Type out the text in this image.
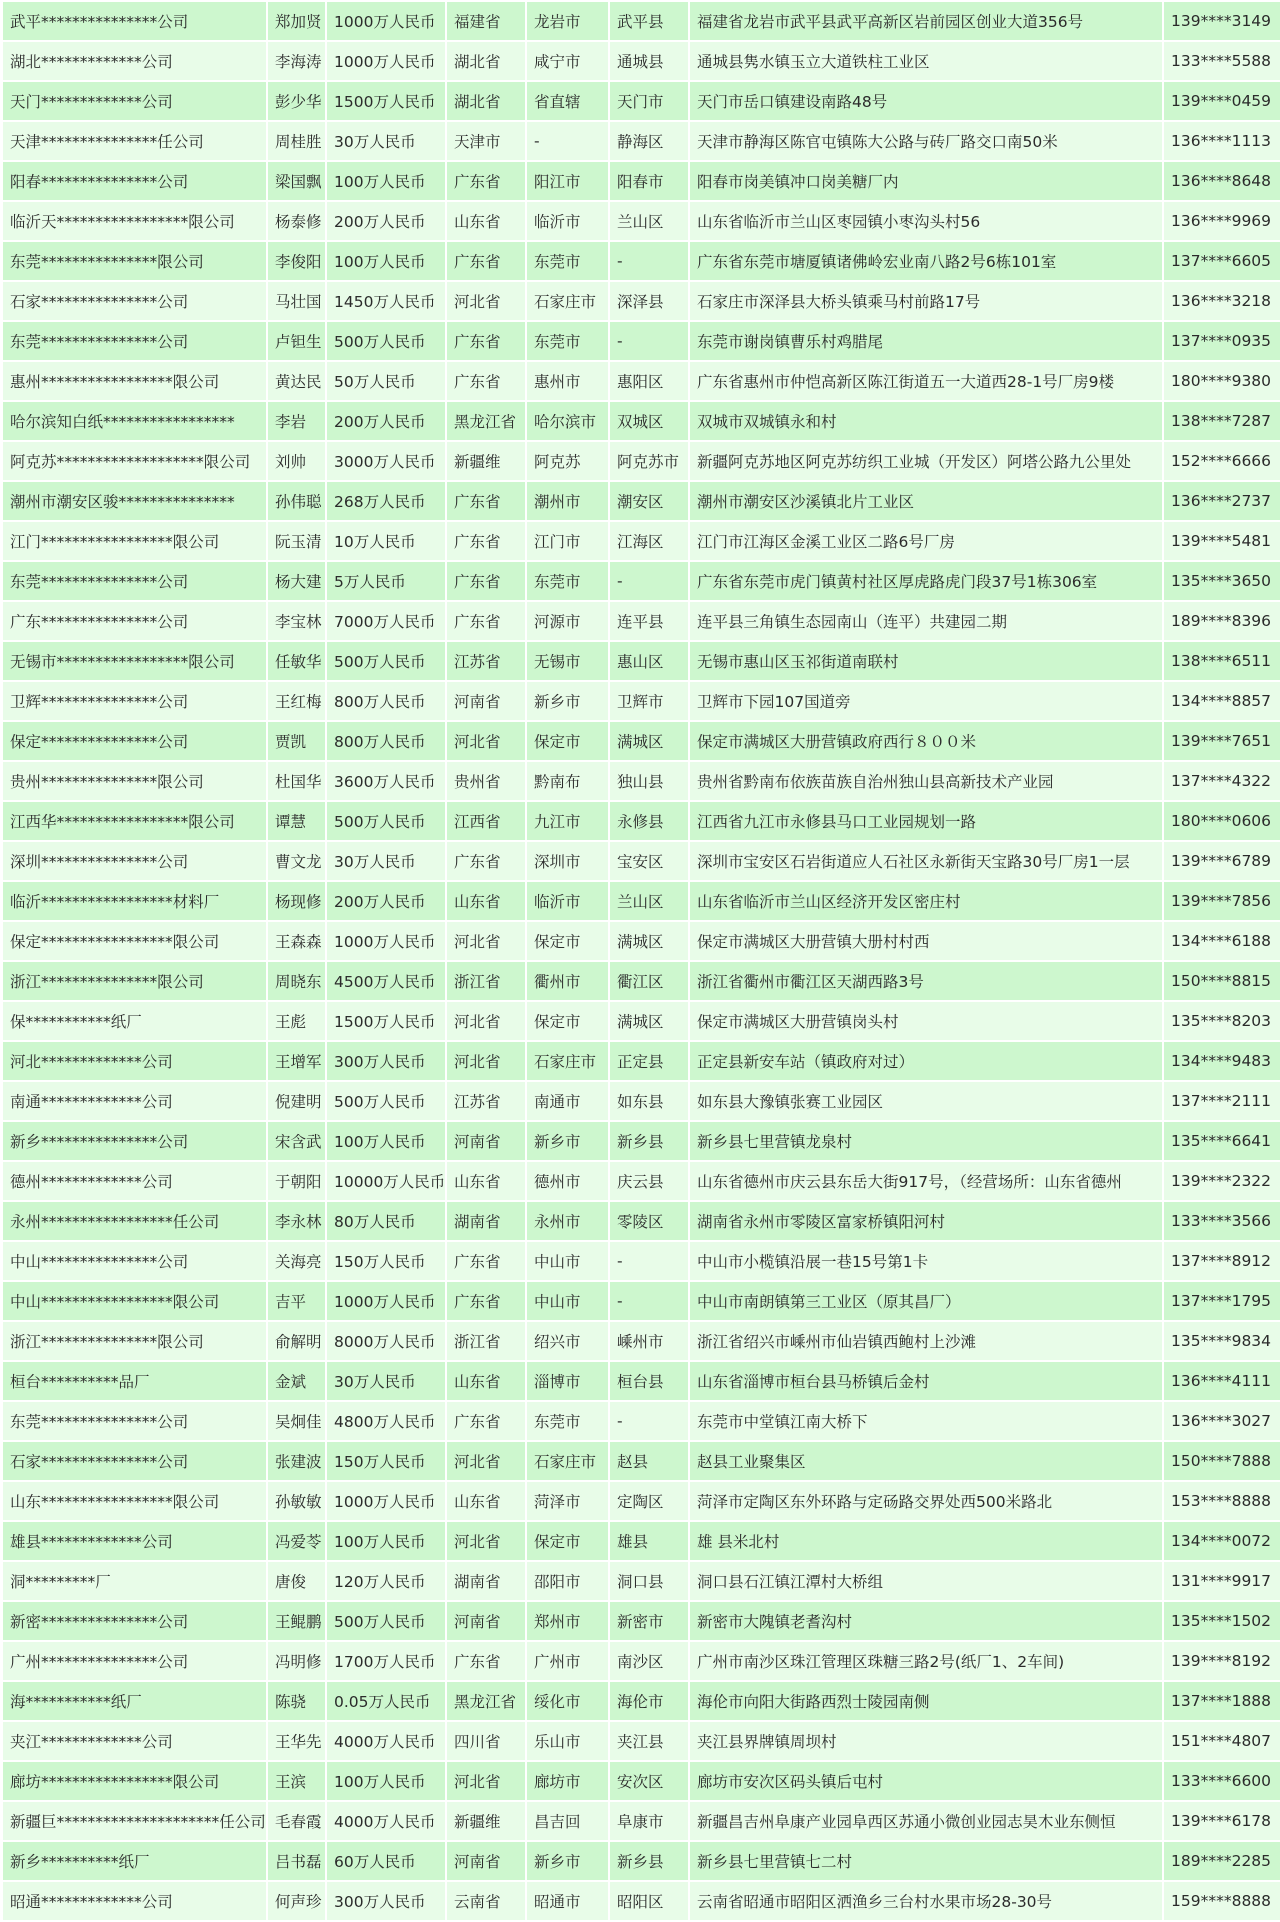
武平***************公司	郑加贤	1000万人民币	福建省	龙岩市	武平县	福建省龙岩市武平县武平高新区岩前园区创业大道356号	139****3149
湖北*************公司	李海涛	1000万人民币	湖北省	咸宁市	通城县	通城县隽水镇玉立大道铁柱工业区	133****5588
天门*************公司	彭少华	1500万人民币	湖北省	省直辖	天门市	天门市岳口镇建设南路48号	139****0459
天津***************任公司	周桂胜	30万人民币	天津市	-	静海区	天津市静海区陈官屯镇陈大公路与砖厂路交口南50米	136****1113
阳春***************公司	梁国飘	100万人民币	广东省	阳江市	阳春市	阳春市岗美镇冲口岗美糖厂内	136****8648
临沂天*****************限公司	杨泰修	200万人民币	山东省	临沂市	兰山区	山东省临沂市兰山区枣园镇小枣沟头村56	136****9969
东莞***************限公司	李俊阳	100万人民币	广东省	东莞市	-	广东省东莞市塘厦镇诸佛岭宏业南八路2号6栋101室	137****6605
石家***************公司	马壮国	1450万人民币	河北省	石家庄市	深泽县	石家庄市深泽县大桥头镇乘马村前路17号	136****3218
东莞***************公司	卢钽生	500万人民币	广东省	东莞市	-	东莞市谢岗镇曹乐村鸡腊尾	137****0935
惠州*****************限公司	黄达民	50万人民币	广东省	惠州市	惠阳区	广东省惠州市仲恺高新区陈江街道五一大道西28-1号厂房9楼	180****9380
哈尔滨知白纸*****************	李岩	200万人民币	黑龙江省	哈尔滨市	双城区	双城市双城镇永和村	138****7287
阿克苏*******************限公司	刘帅	3000万人民币	新疆维	阿克苏	阿克苏市	新疆阿克苏地区阿克苏纺织工业城（开发区）阿塔公路九公里处	152****6666
潮州市潮安区骏***************	孙伟聪	268万人民币	广东省	潮州市	潮安区	潮州市潮安区沙溪镇北片工业区	136****2737
江门*****************限公司	阮玉清	10万人民币	广东省	江门市	江海区	江门市江海区金溪工业区二路6号厂房	139****5481
东莞***************公司	杨大建	5万人民币	广东省	东莞市	-	广东省东莞市虎门镇黄村社区厚虎路虎门段37号1栋306室	135****3650
广东***************公司	李宝林	7000万人民币	广东省	河源市	连平县	连平县三角镇生态园南山（连平）共建园二期	189****8396
无锡市*****************限公司	任敏华	500万人民币	江苏省	无锡市	惠山区	无锡市惠山区玉祁街道南联村	138****6511
卫辉***************公司	王红梅	800万人民币	河南省	新乡市	卫辉市	卫辉市下园107国道旁	134****8857
保定***************公司	贾凯	800万人民币	河北省	保定市	满城区	保定市满城区大册营镇政府西行８００米	139****7651
贵州***************限公司	杜国华	3600万人民币	贵州省	黔南布	独山县	贵州省黔南布依族苗族自治州独山县高新技术产业园	137****4322
江西华*****************限公司	谭慧	500万人民币	江西省	九江市	永修县	江西省九江市永修县马口工业园规划一路	180****0606
深圳***************公司	曹文龙	30万人民币	广东省	深圳市	宝安区	深圳市宝安区石岩街道应人石社区永新街天宝路30号厂房1一层	139****6789
临沂*****************材料厂	杨现修	200万人民币	山东省	临沂市	兰山区	山东省临沂市兰山区经济开发区密庄村	139****7856
保定*****************限公司	王森森	1000万人民币	河北省	保定市	满城区	保定市满城区大册营镇大册村村西	134****6188
浙江***************限公司	周晓东	4500万人民币	浙江省	衢州市	衢江区	浙江省衢州市衢江区天湖西路3号	150****8815
保***********纸厂	王彪	1500万人民币	河北省	保定市	满城区	保定市满城区大册营镇岗头村	135****8203
河北*************公司	王增军	300万人民币	河北省	石家庄市	正定县	正定县新安车站（镇政府对过）	134****9483
南通*************公司	倪建明	500万人民币	江苏省	南通市	如东县	如东县大豫镇张赛工业园区	137****2111
新乡***************公司	宋含武	100万人民币	河南省	新乡市	新乡县	新乡县七里营镇龙泉村	135****6641
德州*************公司	于朝阳	10000万人民币	山东省	德州市	庆云县	山东省德州市庆云县东岳大街917号，（经营场所：山东省德州	139****2322
永州*****************任公司	李永林	80万人民币	湖南省	永州市	零陵区	湖南省永州市零陵区富家桥镇阳河村	133****3566
中山***************公司	关海亮	150万人民币	广东省	中山市	-	中山市小榄镇沿展一巷15号第1卡	137****8912
中山*****************限公司	吉平	1000万人民币	广东省	中山市	-	中山市南朗镇第三工业区（原其昌厂）	137****1795
浙江***************限公司	俞解明	8000万人民币	浙江省	绍兴市	嵊州市	浙江省绍兴市嵊州市仙岩镇西鲍村上沙滩	135****9834
桓台**********品厂	金斌	30万人民币	山东省	淄博市	桓台县	山东省淄博市桓台县马桥镇后金村	136****4111
东莞***************公司	吴炯佳	4800万人民币	广东省	东莞市	-	东莞市中堂镇江南大桥下	136****3027
石家***************公司	张建波	150万人民币	河北省	石家庄市	赵县	赵县工业聚集区	150****7888
山东*****************限公司	孙敏敏	1000万人民币	山东省	菏泽市	定陶区	菏泽市定陶区东外环路与定砀路交界处西500米路北	153****8888
雄县*************公司	冯爱苓	100万人民币	河北省	保定市	雄县	雄 县米北村	134****0072
洞*********厂	唐俊	120万人民币	湖南省	邵阳市	洞口县	洞口县石江镇江潭村大桥组	131****9917
新密***************公司	王鲲鹏	500万人民币	河南省	郑州市	新密市	新密市大隗镇老耆沟村	135****1502
广州***************公司	冯明修	1700万人民币	广东省	广州市	南沙区	广州市南沙区珠江管理区珠糖三路2号(纸厂1、2车间)	139****8192
海***********纸厂	陈骁	0.05万人民币	黑龙江省	绥化市	海伦市	海伦市向阳大街路西烈士陵园南侧	137****1888
夹江*************公司	王华先	4000万人民币	四川省	乐山市	夹江县	夹江县界牌镇周坝村	151****4807
廊坊*****************限公司	王滨	100万人民币	河北省	廊坊市	安次区	廊坊市安次区码头镇后屯村	133****6600
新疆巨*********************任公司	毛春霞	4000万人民币	新疆维	昌吉回	阜康市	新疆昌吉州阜康产业园阜西区苏通小微创业园志昊木业东侧恒	139****6178
新乡**********纸厂	吕书磊	60万人民币	河南省	新乡市	新乡县	新乡县七里营镇七二村	189****2285
昭通*************公司	何声珍	300万人民币	云南省	昭通市	昭阳区	云南省昭通市昭阳区洒渔乡三台村水果市场28-30号	159****8888
